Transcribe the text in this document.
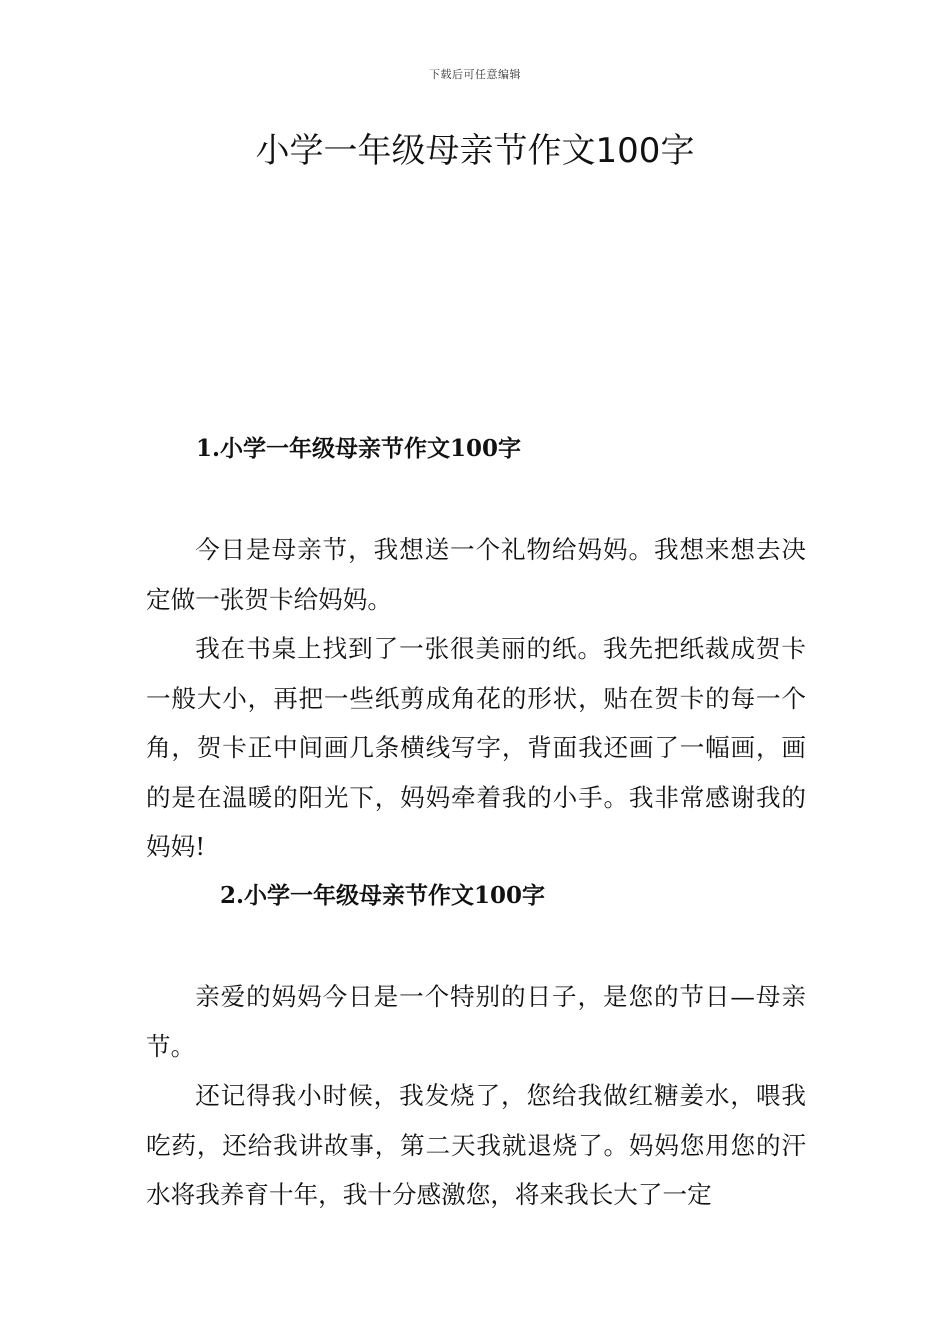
下载后可任意编辑
小学一年级母亲节作文100字
1.小学一年级母亲节作文100字

今日是母亲节，我想送一个礼物给妈妈。我想来想去决定做一张贺卡给妈妈。

我在书桌上找到了一张很美丽的纸。我先把纸裁成贺卡一般大小，再把一些纸剪成角花的形状，贴在贺卡的每一个角，贺卡正中间画几条横线写字，背面我还画了一幅画，画的是在温暖的阳光下，妈妈牵着我的小手。我非常感谢我的妈妈!

2.小学一年级母亲节作文100字

亲爱的妈妈今日是一个特别的日子，是您的节日—母亲节。

还记得我小时候，我发烧了，您给我做红糖姜水，喂我吃药，还给我讲故事，第二天我就退烧了。妈妈您用您的汗水将我养育十年，我十分感激您，将来我长大了一定
